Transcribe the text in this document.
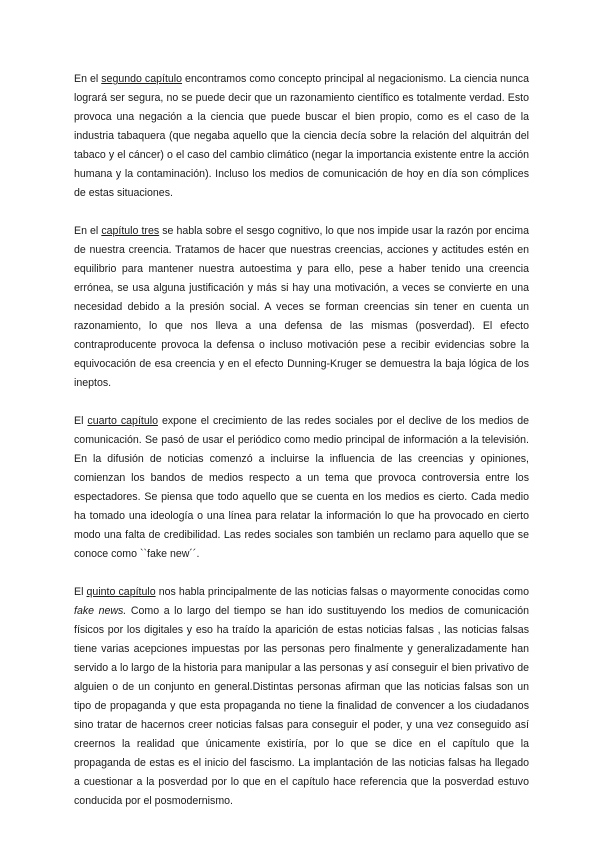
En el segundo capítulo encontramos como concepto principal al negacionismo. La ciencia nunca logrará ser segura, no se puede decir que un razonamiento científico es totalmente verdad. Esto provoca una negación a la ciencia que puede buscar el bien propio, como es el caso de la industria tabaquera (que negaba aquello que la ciencia decía sobre la relación del alquitrán del tabaco y el cáncer) o el caso del cambio climático (negar la importancia existente entre la acción humana y la contaminación). Incluso los medios de comunicación de hoy en día son cómplices de estas situaciones.

En el capítulo tres se habla sobre el sesgo cognitivo, lo que nos impide usar la razón por encima de nuestra creencia. Tratamos de hacer que nuestras creencias, acciones y actitudes estén en equilibrio para mantener nuestra autoestima y para ello, pese a haber tenido una creencia errónea, se usa alguna justificación y más si hay una motivación, a veces se convierte en una necesidad debido a la presión social. A veces se forman creencias sin tener en cuenta un razonamiento, lo que nos lleva a una defensa de las mismas (posverdad). El efecto contraproducente provoca la defensa o incluso motivación pese a recibir evidencias sobre la equivocación de esa creencia y en el efecto Dunning-Kruger se demuestra la baja lógica de los ineptos.

El cuarto capítulo expone el crecimiento de las redes sociales por el declive de los medios de comunicación. Se pasó de usar el periódico como medio principal de información a la televisión. En la difusión de noticias comenzó a incluirse la influencia de las creencias y opiniones, comienzan los bandos de medios respecto a un tema que provoca controversia entre los espectadores. Se piensa que todo aquello que se cuenta en los medios es cierto. Cada medio ha tomado una ideología o una línea para relatar la información lo que ha provocado en cierto modo una falta de credibilidad. Las redes sociales son también un reclamo para aquello que se conoce como ``fake new´´.

El quinto capítulo nos habla principalmente de las noticias falsas o mayormente conocidas como fake news. Como a lo largo del tiempo se han ido sustituyendo los medios de comunicación físicos por los digitales y eso ha traído la aparición de estas noticias falsas , las noticias falsas tiene varias acepciones impuestas por las personas pero finalmente y generalizadamente han servido a lo largo de la historia para manipular a las personas y así conseguir el bien privativo de alguien o de un conjunto en general.Distintas personas afirman que las noticias falsas son un tipo de propaganda y que esta propaganda no tiene la finalidad de convencer a los ciudadanos sino tratar de hacernos creer noticias falsas para conseguir el poder, y una vez conseguido así creernos la realidad que únicamente existiría, por lo que se dice en el capítulo que la propaganda de estas es el inicio del fascismo. La implantación de las noticias falsas ha llegado a cuestionar a la posverdad por lo que en el capítulo hace referencia que la posverdad estuvo conducida por el posmodernismo.
